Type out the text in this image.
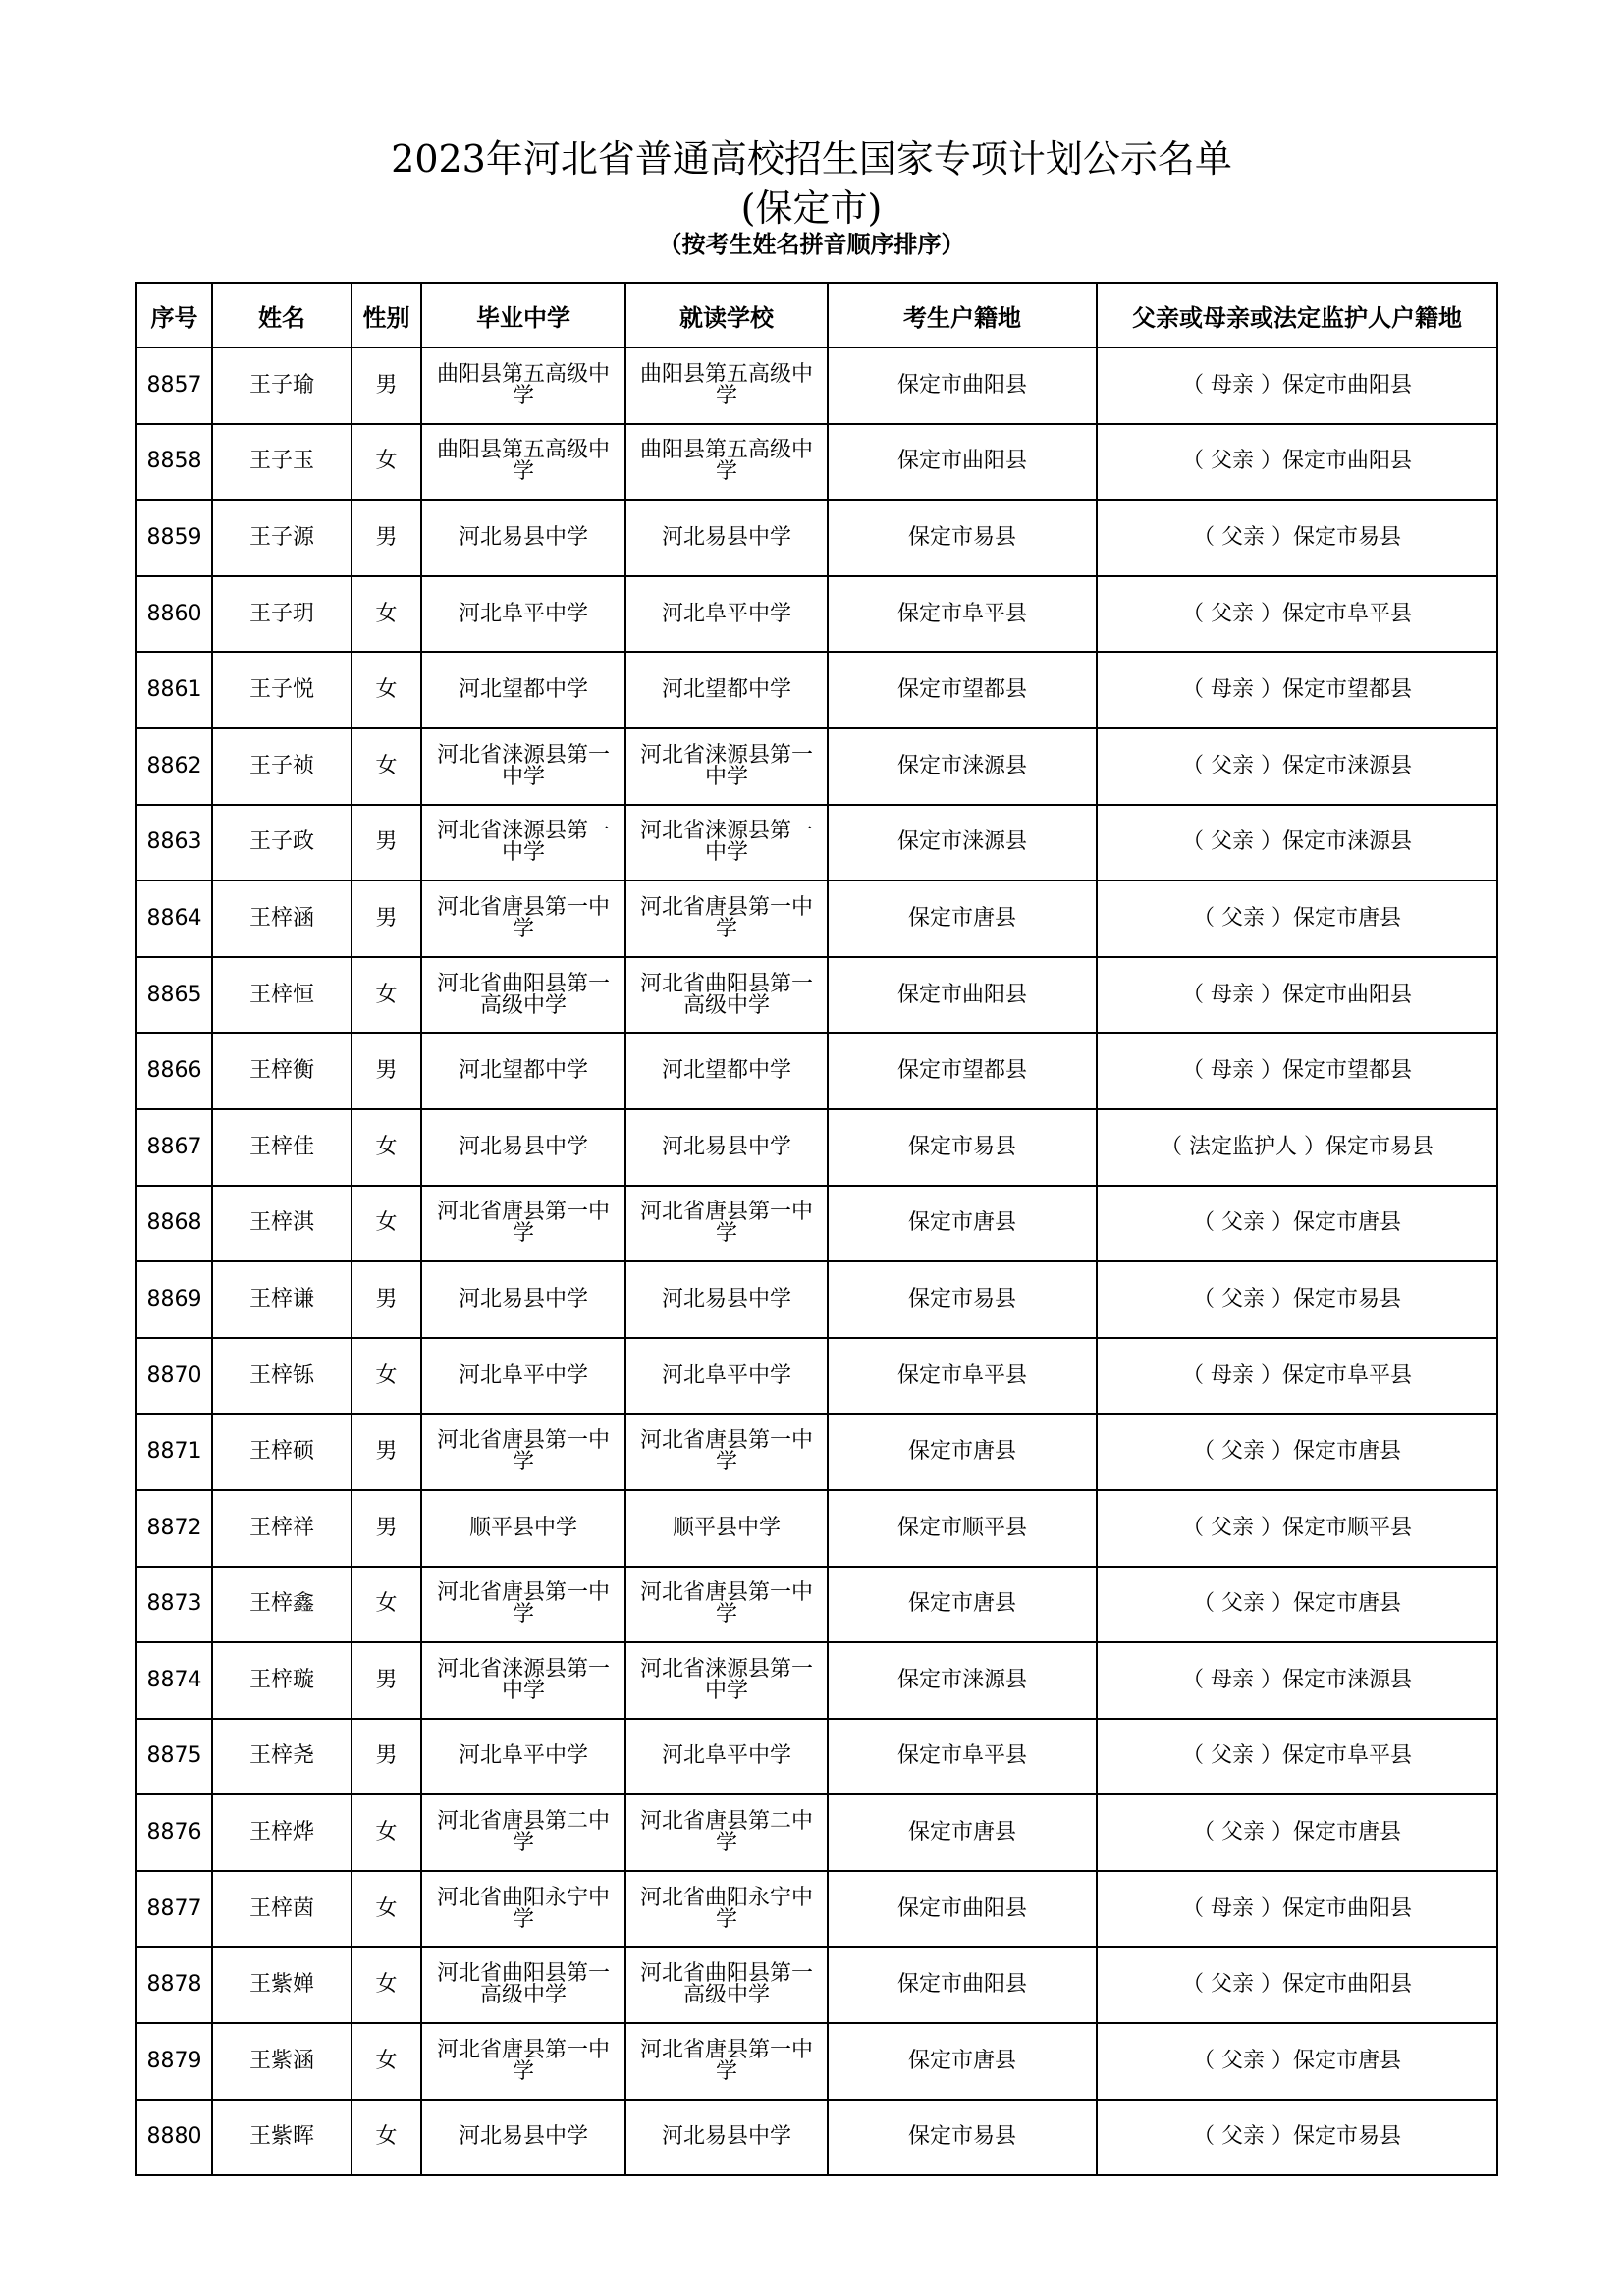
2023年河北省普通高校招生国家专项计划公示名单
(保定市)
（按考生姓名拼音顺序排序）
序号	姓名	性别	毕业中学	就读学校	考生户籍地	父亲或母亲或法定监护人户籍地
8857	王子瑜	男	曲阳县第五高级中学	曲阳县第五高级中学	保定市曲阳县	（ 母亲 ）保定市曲阳县
8858	王子玉	女	曲阳县第五高级中学	曲阳县第五高级中学	保定市曲阳县	（ 父亲 ）保定市曲阳县
8859	王子源	男	河北易县中学	河北易县中学	保定市易县	（ 父亲 ）保定市易县
8860	王子玥	女	河北阜平中学	河北阜平中学	保定市阜平县	（ 父亲 ）保定市阜平县
8861	王子悦	女	河北望都中学	河北望都中学	保定市望都县	（ 母亲 ）保定市望都县
8862	王子祯	女	河北省涞源县第一中学	河北省涞源县第一中学	保定市涞源县	（ 父亲 ）保定市涞源县
8863	王子政	男	河北省涞源县第一中学	河北省涞源县第一中学	保定市涞源县	（ 父亲 ）保定市涞源县
8864	王梓涵	男	河北省唐县第一中学	河北省唐县第一中学	保定市唐县	（ 父亲 ）保定市唐县
8865	王梓恒	女	河北省曲阳县第一高级中学	河北省曲阳县第一高级中学	保定市曲阳县	（ 母亲 ）保定市曲阳县
8866	王梓衡	男	河北望都中学	河北望都中学	保定市望都县	（ 母亲 ）保定市望都县
8867	王梓佳	女	河北易县中学	河北易县中学	保定市易县	（ 法定监护人 ）保定市易县
8868	王梓淇	女	河北省唐县第一中学	河北省唐县第一中学	保定市唐县	（ 父亲 ）保定市唐县
8869	王梓谦	男	河北易县中学	河北易县中学	保定市易县	（ 父亲 ）保定市易县
8870	王梓铄	女	河北阜平中学	河北阜平中学	保定市阜平县	（ 母亲 ）保定市阜平县
8871	王梓硕	男	河北省唐县第一中学	河北省唐县第一中学	保定市唐县	（ 父亲 ）保定市唐县
8872	王梓祥	男	顺平县中学	顺平县中学	保定市顺平县	（ 父亲 ）保定市顺平县
8873	王梓鑫	女	河北省唐县第一中学	河北省唐县第一中学	保定市唐县	（ 父亲 ）保定市唐县
8874	王梓璇	男	河北省涞源县第一中学	河北省涞源县第一中学	保定市涞源县	（ 母亲 ）保定市涞源县
8875	王梓尧	男	河北阜平中学	河北阜平中学	保定市阜平县	（ 父亲 ）保定市阜平县
8876	王梓烨	女	河北省唐县第二中学	河北省唐县第二中学	保定市唐县	（ 父亲 ）保定市唐县
8877	王梓茵	女	河北省曲阳永宁中学	河北省曲阳永宁中学	保定市曲阳县	（ 母亲 ）保定市曲阳县
8878	王紫婵	女	河北省曲阳县第一高级中学	河北省曲阳县第一高级中学	保定市曲阳县	（ 父亲 ）保定市曲阳县
8879	王紫涵	女	河北省唐县第一中学	河北省唐县第一中学	保定市唐县	（ 父亲 ）保定市唐县
8880	王紫晖	女	河北易县中学	河北易县中学	保定市易县	（ 父亲 ）保定市易县
